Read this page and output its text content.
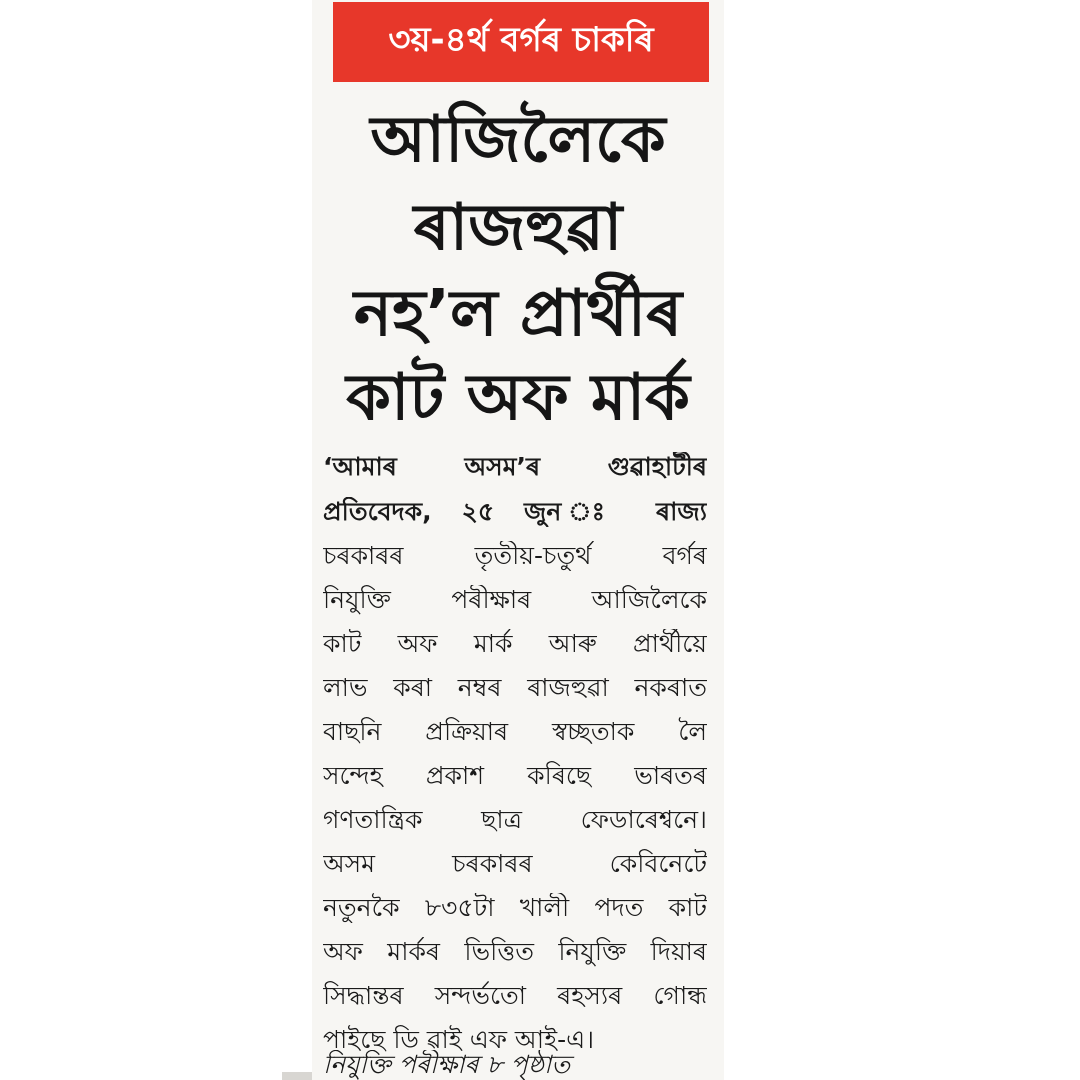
৩য়-৪ৰ্থ বৰ্গৰ চাকৰি
আজিলৈকে
ৰাজহুৱা
নহ’ল প্ৰাৰ্থীৰ
কাট অফ মাৰ্ক
‘আমাৰ অসম’ৰ গুৱাহাটীৰ
প্ৰতিবেদক, ২৫ জুন ঃ ৰাজ্য
চৰকাৰৰ তৃতীয়-চতুৰ্থ বৰ্গৰ
নিযুক্তি পৰীক্ষাৰ আজিলৈকে
কাট অফ মাৰ্ক আৰু প্ৰাৰ্থীয়ে
লাভ কৰা নম্বৰ ৰাজহুৱা নকৰাত
বাছনি প্ৰক্ৰিয়াৰ স্বচ্ছতাক লৈ
সন্দেহ প্ৰকাশ কৰিছে ভাৰতৰ
গণতান্ত্ৰিক ছাত্ৰ ফেডাৰেশ্বনে।
অসম চৰকাৰৰ কেবিনেটে
নতুনকৈ ৮৩৫টা খালী পদত কাট
অফ মাৰ্কৰ ভিত্তিত নিযুক্তি দিয়াৰ
সিদ্ধান্তৰ সন্দৰ্ভতো ৰহস্যৰ গোন্ধ
পাইছে ডি ৱাই এফ আই-এ।
নিযুক্তি পৰীক্ষাৰ ৮ পৃষ্ঠাত
